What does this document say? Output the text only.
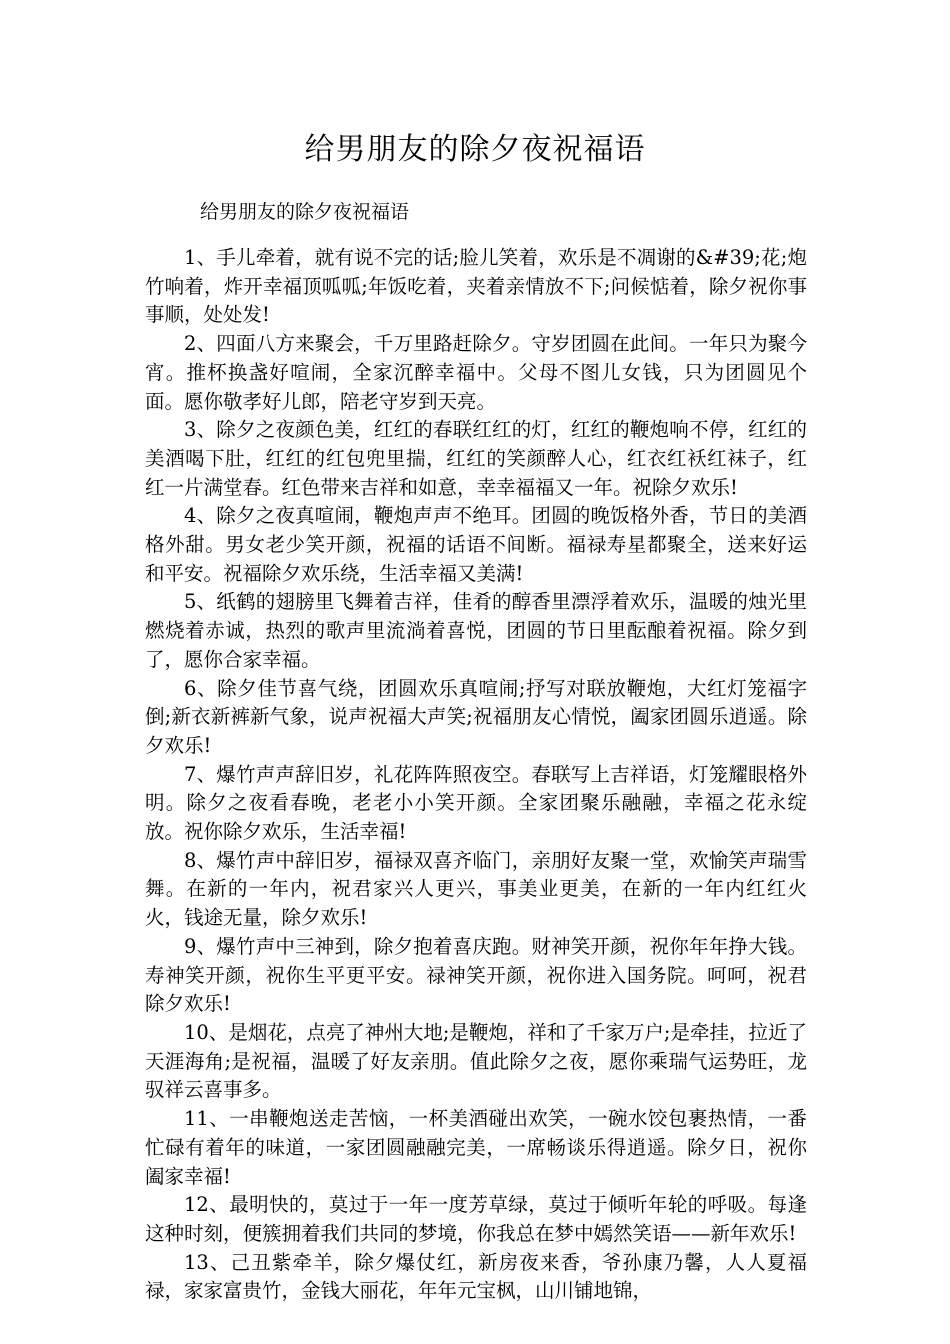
给男朋友的除夕夜祝福语

给男朋友的除夕夜祝福语

1、手儿牵着，就有说不完的话;脸儿笑着，欢乐是不凋谢的&#39;花;炮竹响着，炸开幸福顶呱呱;年饭吃着，夹着亲情放不下;问候惦着，除夕祝你事事顺，处处发!

2、四面八方来聚会，千万里路赶除夕。守岁团圆在此间。一年只为聚今宵。推杯换盏好喧闹，全家沉醉幸福中。父母不图儿女钱，只为团圆见个面。愿你敬孝好儿郎，陪老守岁到天亮。

3、除夕之夜颜色美，红红的春联红红的灯，红红的鞭炮响不停，红红的美酒喝下肚，红红的红包兜里揣，红红的笑颜醉人心，红衣红袄红袜子，红红一片满堂春。红色带来吉祥和如意，幸幸福福又一年。祝除夕欢乐!

4、除夕之夜真喧闹，鞭炮声声不绝耳。团圆的晚饭格外香，节日的美酒格外甜。男女老少笑开颜，祝福的话语不间断。福禄寿星都聚全，送来好运和平安。祝福除夕欢乐绕，生活幸福又美满!

5、纸鹤的翅膀里飞舞着吉祥，佳肴的醇香里漂浮着欢乐，温暖的烛光里燃烧着赤诚，热烈的歌声里流淌着喜悦，团圆的节日里酝酿着祝福。除夕到了，愿你合家幸福。

6、除夕佳节喜气绕，团圆欢乐真喧闹;抒写对联放鞭炮，大红灯笼福字倒;新衣新裤新气象，说声祝福大声笑;祝福朋友心情悦，阖家团圆乐逍遥。除夕欢乐!

7、爆竹声声辞旧岁，礼花阵阵照夜空。春联写上吉祥语，灯笼耀眼格外明。除夕之夜看春晚，老老小小笑开颜。全家团聚乐融融，幸福之花永绽放。祝你除夕欢乐，生活幸福!

8、爆竹声中辞旧岁，福禄双喜齐临门，亲朋好友聚一堂，欢愉笑声瑞雪舞。在新的一年内，祝君家兴人更兴，事美业更美，在新的一年内红红火火，钱途无量，除夕欢乐!

9、爆竹声中三神到，除夕抱着喜庆跑。财神笑开颜，祝你年年挣大钱。寿神笑开颜，祝你生平更平安。禄神笑开颜，祝你进入国务院。呵呵，祝君除夕欢乐!

10、是烟花，点亮了神州大地;是鞭炮，祥和了千家万户;是牵挂，拉近了天涯海角;是祝福，温暖了好友亲朋。值此除夕之夜，愿你乘瑞气运势旺，龙驭祥云喜事多。

11、一串鞭炮送走苦恼，一杯美酒碰出欢笑，一碗水饺包裹热情，一番忙碌有着年的味道，一家团圆融融完美，一席畅谈乐得逍遥。除夕日，祝你阖家幸福!

12、最明快的，莫过于一年一度芳草绿，莫过于倾听年轮的呼吸。每逢这种时刻，便簇拥着我们共同的梦境，你我总在梦中嫣然笑语——新年欢乐!

13、己丑紫牵羊，除夕爆仗红，新房夜来香，爷孙康乃馨，人人夏福禄，家家富贵竹，金钱大丽花，年年元宝枫，山川铺地锦，
